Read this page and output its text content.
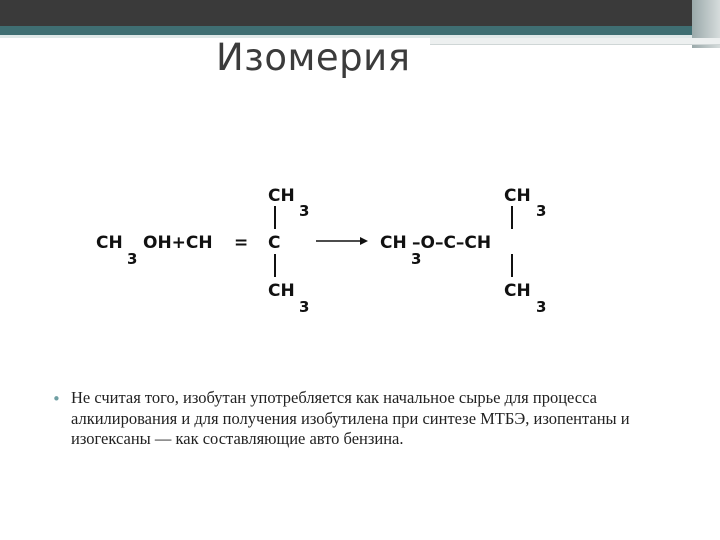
Изомерия
CH
3
OH+CH = C
CH
3
CH
3
CH
3
–O–C–CH
CH
3
CH
3
• Не считая того, изобутан употребляется как начальное сырье для процесса алкилирования и для получения изобутилена при синтезе МТБЭ, изопентаны и изогексаны — как составляющие авто бензина.
